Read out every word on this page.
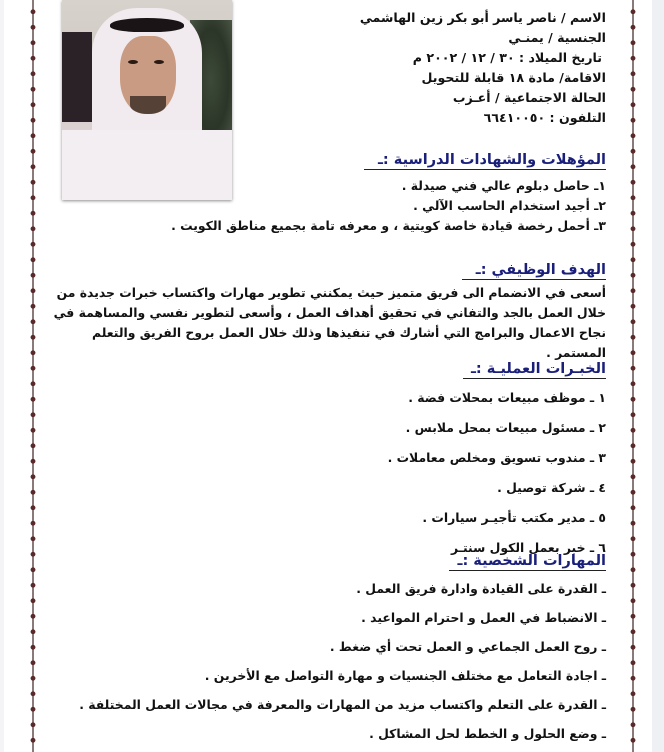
الاسم / ناصر ياسر أبو بكر زين الهاشمي
الجنسية / يمنـي
تاريخ الميلاد : ٣٠ / ١٢ / ٢٠٠٢ م
الاقامة/ مادة ١٨ قابلة للتحويل
الحالة الاجتماعية / أعـزب
التلفون : ٦٦٤١٠٠٥٠
المؤهلات والشهادات الدراسية :ـ
١ـ حاصل دبلوم عالي فني صيدلة .
٢ـ أجيد استخدام الحاسب الآلي .
٣ـ أحمل رخصة قيادة خاصة كويتية ، و معرفه تامة بجميع مناطق الكويت .
الهدف الوظيفي :ـ
أسعى في الانضمام الى فريق متميز حيث يمكنني تطوير مهارات واكتساب خبرات جديدة من خلال العمل بالجد والتفاني في تحقيق أهداف العمل ، وأسعى لتطوير نفسي والمساهمة في نجاح الاعمال والبرامج التي أشارك في تنفيذها وذلك خلال العمل بروح الفريق والتعلم المستمر .
الخبـرات العمليـة :ـ
١ ـ موظف مبيعات بمحلات فضة .
٢ ـ مسئول مبيعات بمحل ملابس .
٣ ـ مندوب تسويق ومخلص معاملات .
٤ ـ شركة توصيل .
٥ ـ مدير مكتب تأجيـر سيارات .
٦ ـ خبر بعمل الكول سنتـر
المهارات الشخصية :ـ
ـ القدرة على القيادة وادارة فريق العمل .
ـ الانضباط في العمل و احترام المواعيد .
ـ روح العمل الجماعي و العمل تحت أي ضغط .
ـ اجادة التعامل مع مختلف الجنسيات و مهارة التواصل مع الأخرين .
ـ القدرة على التعلم واكتساب مزيد من المهارات والمعرفة في مجالات العمل المختلفة .
ـ وضع الحلول و الخطط لحل المشاكل .
